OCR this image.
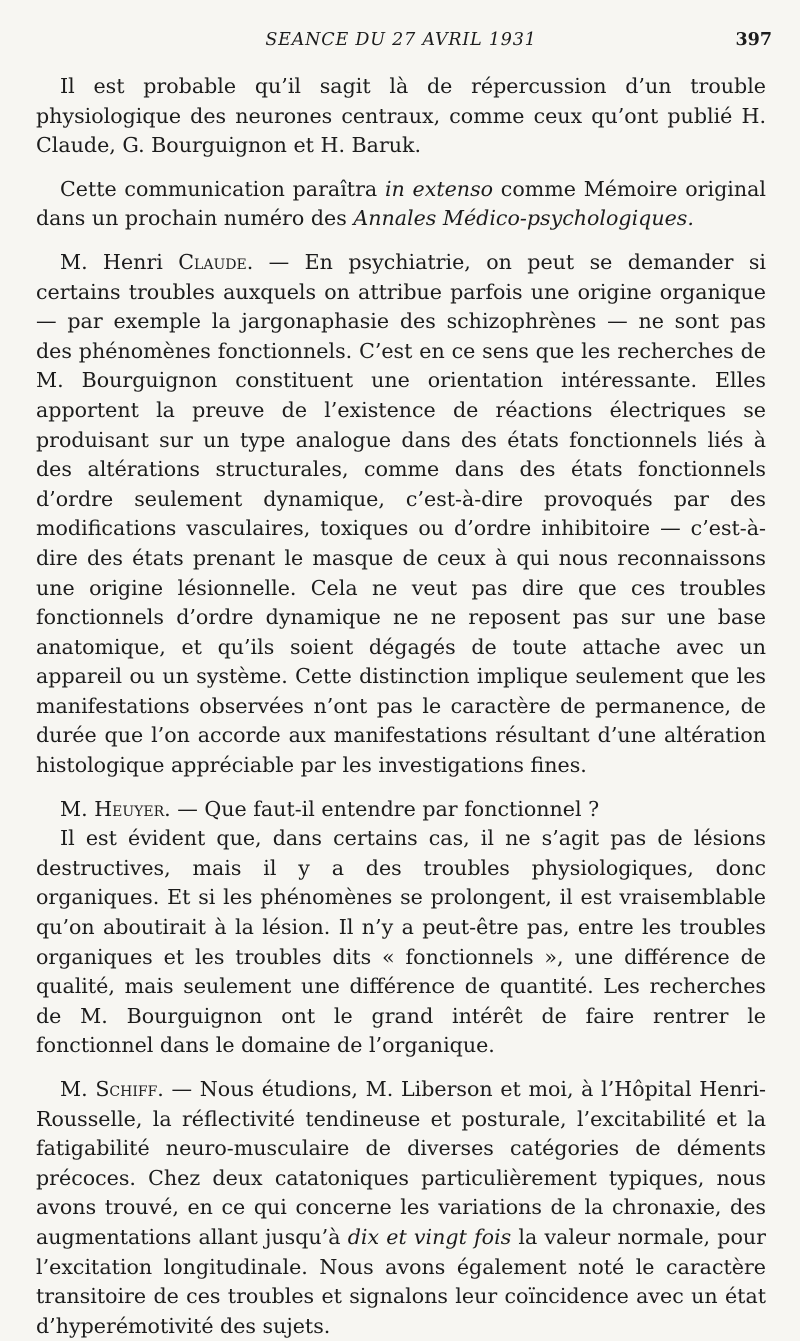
SEANCE DU 27 AVRIL 1931	397

Il est probable qu’il sagit là de répercussion d’un trouble physiologique des neurones centraux, comme ceux qu’ont publié H. Claude, G. Bourguignon et H. Baruk.

Cette communication paraîtra in extenso comme Mémoire original dans un prochain numéro des Annales Médico-psychologiques.

M. Henri Claude. — En psychiatrie, on peut se demander si certains troubles auxquels on attribue parfois une origine organique — par exemple la jargonaphasie des schizophrènes — ne sont pas des phénomènes fonctionnels. C’est en ce sens que les recherches de M. Bourguignon constituent une orientation intéressante. Elles apportent la preuve de l’existence de réactions électriques se produisant sur un type analogue dans des états fonctionnels liés à des altérations structurales, comme dans des états fonctionnels d’ordre seulement dynamique, c’est-à-dire provoqués par des modifications vasculaires, toxiques ou d’ordre inhibitoire — c’est-à-dire des états prenant le masque de ceux à qui nous reconnaissons une origine lésionnelle. Cela ne veut pas dire que ces troubles fonctionnels d’ordre dynamique ne ne reposent pas sur une base anatomique, et qu’ils soient dégagés de toute attache avec un appareil ou un système. Cette distinction implique seulement que les manifestations observées n’ont pas le caractère de permanence, de durée que l’on accorde aux manifestations résultant d’une altération histologique appréciable par les investigations fines.

M. Heuyer. — Que faut-il entendre par fonctionnel ?

Il est évident que, dans certains cas, il ne s’agit pas de lésions destructives, mais il y a des troubles physiologiques, donc organiques. Et si les phénomènes se prolongent, il est vraisemblable qu’on aboutirait à la lésion. Il n’y a peut-être pas, entre les troubles organiques et les troubles dits « fonctionnels », une différence de qualité, mais seulement une différence de quantité. Les recherches de M. Bourguignon ont le grand intérêt de faire rentrer le fonctionnel dans le domaine de l’organique.

M. Schiff. — Nous étudions, M. Liberson et moi, à l’Hôpital Henri-Rousselle, la réflectivité tendineuse et posturale, l’excitabilité et la fatigabilité neuro-musculaire de diverses catégories de déments précoces. Chez deux catatoniques particulièrement typiques, nous avons trouvé, en ce qui concerne les variations de la chronaxie, des augmentations allant jusqu’à dix et vingt fois la valeur normale, pour l’excitation longitudinale. Nous avons également noté le caractère transitoire de ces troubles et signalons leur coïncidence avec un état d’hyperémotivité des sujets.
